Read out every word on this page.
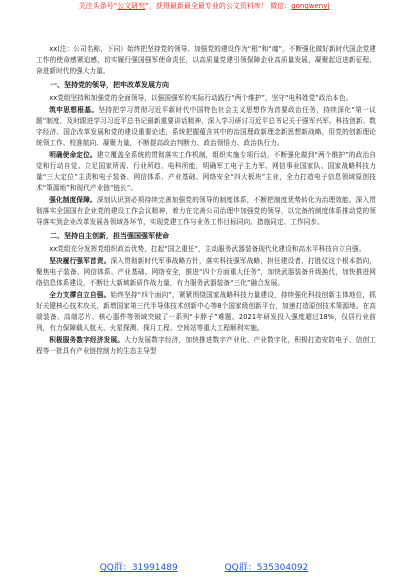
关注头条号“公文研究”，获得最新最全最专业的公文资料库！ 微信：gongwenyj

xx(注：公司名称，下同）始终把坚持党的领导、加强党的建设作为“根”和“魂”，不断强化做好新时代国企党建工作的使命感紧迫感，切实履行强国强军使命责任，以高质量党建引领保障企业高质量发展，凝聚起迈进新征程、奋进新时代的强大力量。

一、坚持党的领导，把牢改革发展方向

xx党组坚持和加强党的全面领导，以强国强军的实际行动践行“两个维护”，坚守“电科姓党”政治本色。

筑牢思想根基。坚持把学习贯彻习近平新时代中国特色社会主义思想作为首要政治任务，持续深化“第一议题”制度，及时跟进学习习近平总书记最新重要讲话精神，深入学习研讨习近平总书记关于强军兴军、科技创新、数字经济、国企改革发展和党的建设重要论述，系统把握蕴含其中的治国理政新理念新思想新战略，用党的创新理论统领工作、校准航向、凝聚力量，不断提高政治判断力、政治领悟力、政治执行力。

明确使命定位。建立覆盖全系统的贯彻落实工作机制，组织实施专项行动，不断强化做到“两个维护”的政治自觉和行动自觉。立足国家所需、行业所趋、电科所能，明确军工电子主力军、网信事业国家队、国家战略科技力量“三大定位”主责和电子装备、网信体系、产业基础、网络安全“四大板块”主业，全力打造电子信息领域原创技术“策源地”和现代产业链“链长”。

强化制度保障。深刻认识到必须持续完善加强党的领导的制度体系，不断把制度优势转化为治理效能。深入贯彻落实全国国有企业党的建设工作会议精神，着力在完善公司治理中加强党的领导，以完备的制度体系推动党的领导落实到企业改革发展各领域各环节，实现党建工作与业务工作目标同向、措施同定、工作同步。

二、坚持自主创新，担当强国强军使命

xx党组充分发挥党组织政治优势，扛起“国之重任”，主动服务武器装备现代化建设和高水平科技自立自强。

坚决履行强军首责。深入贯彻新时代军事战略方针，落实科技强军战略，担任建设者、打胜仗这个根本指向，聚焦电子装备、网信体系、产业基础、网络安全，推进“四个方面重大任务”，加快武器装备升级换代，加快推进网络信息体系建设，不断壮大新域新质作战力量，有力服务武器装备“三化”融合发展。

全力支撑自立自强。始终坚持“四个面向”，紧紧围绕国家战略科技力量建设，持续强化科技创新主体地位，抓好关键核心技术攻关，新增国家第三代半导体技术创新中心等8个国家级创新平台，加速打造原创技术策源地。在高端装备、高端芯片、核心器件等领域突破了一系列“卡脖子”难题。2021年研发投入强度超过18%，仅居行业前列，有力保障载人航天、火星探测、探月工程、空间站等重大工程顺利实施。

积极服务数字经济发展。大力发展数字经济，加快推进数字产业化、产业数字化，积极打造安防电子、信创工程等一批具有产业链控制力的生态主导型

QQ群：31991489	QQ群：535304092
